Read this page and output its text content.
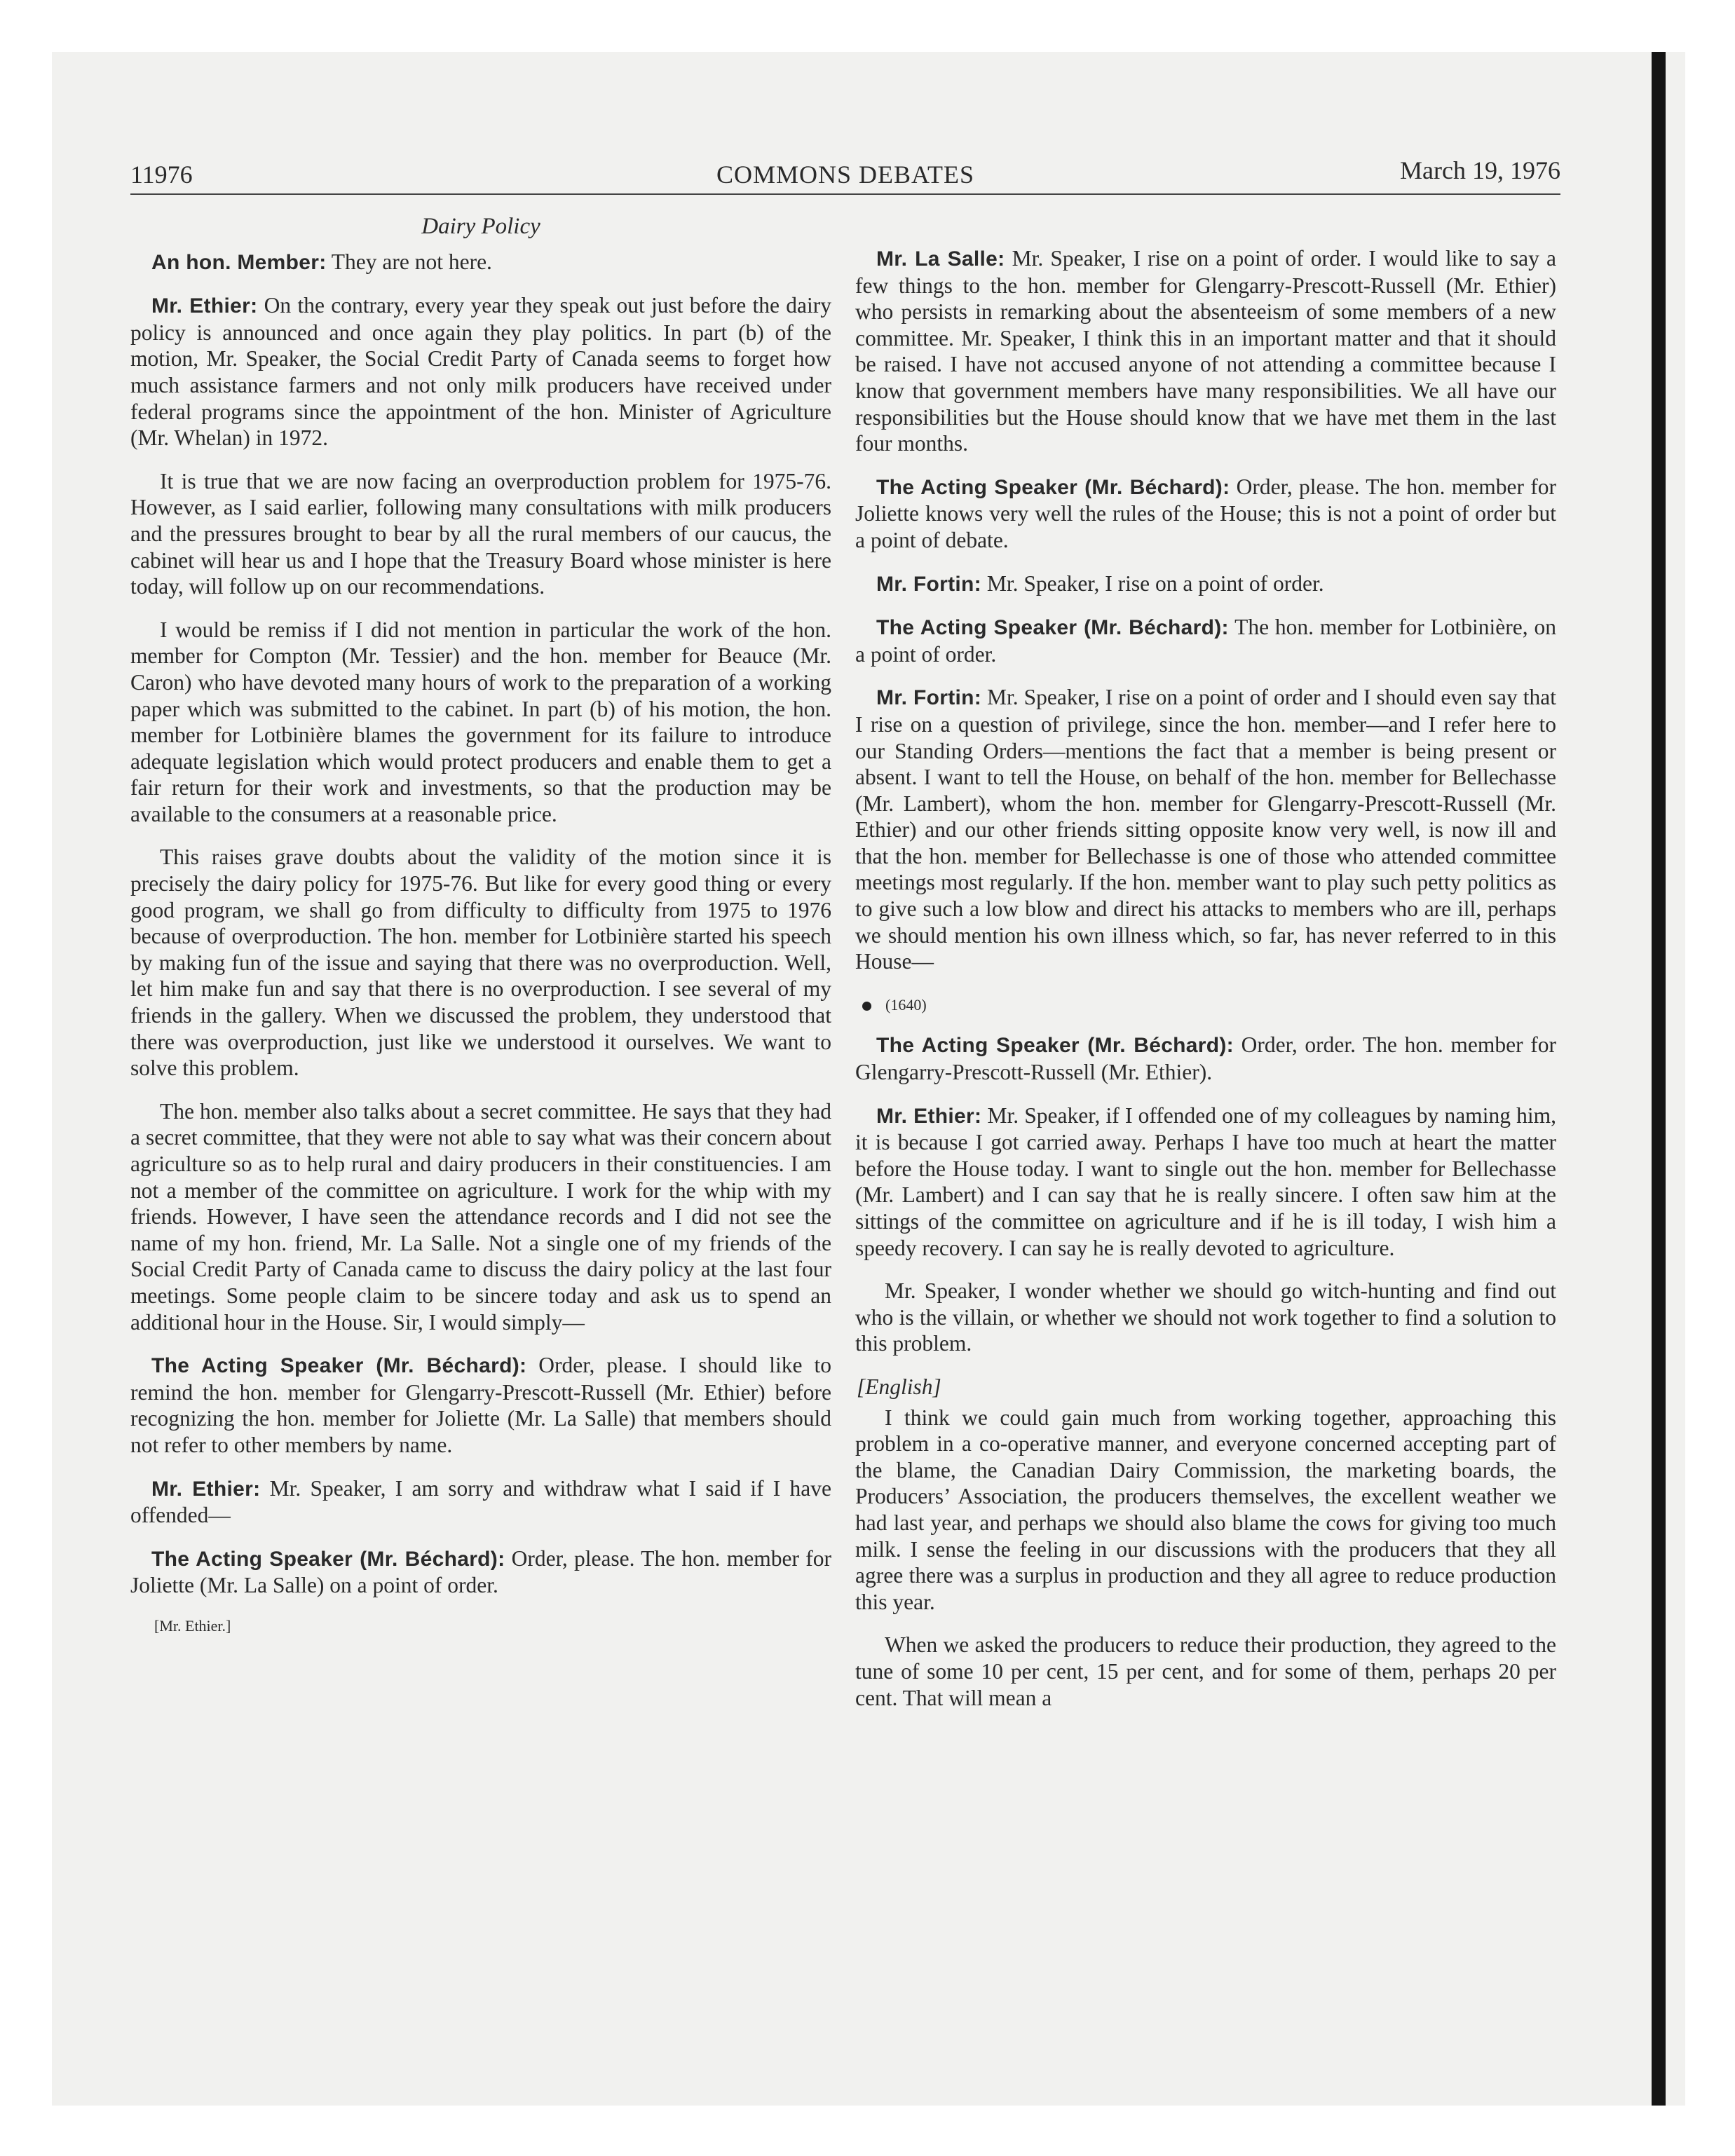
11976	COMMONS DEBATES	March 19, 1976
Dairy Policy

An hon. Member: They are not here.

Mr. Ethier: On the contrary, every year they speak out just before the dairy policy is announced and once again they play politics. In part (b) of the motion, Mr. Speaker, the Social Credit Party of Canada seems to forget how much assistance farmers and not only milk producers have received under federal programs since the appointment of the hon. Minister of Agriculture (Mr. Whelan) in 1972.

It is true that we are now facing an overproduction problem for 1975-76. However, as I said earlier, following many consultations with milk producers and the pressures brought to bear by all the rural members of our caucus, the cabinet will hear us and I hope that the Treasury Board whose minister is here today, will follow up on our recommendations.

I would be remiss if I did not mention in particular the work of the hon. member for Compton (Mr. Tessier) and the hon. member for Beauce (Mr. Caron) who have devoted many hours of work to the preparation of a working paper which was submitted to the cabinet. In part (b) of his motion, the hon. member for Lotbinière blames the government for its failure to introduce adequate legislation which would protect producers and enable them to get a fair return for their work and investments, so that the production may be available to the consumers at a reasonable price.

This raises grave doubts about the validity of the motion since it is precisely the dairy policy for 1975-76. But like for every good thing or every good program, we shall go from difficulty to difficulty from 1975 to 1976 because of overproduction. The hon. member for Lotbinière started his speech by making fun of the issue and saying that there was no overproduction. Well, let him make fun and say that there is no overproduction. I see several of my friends in the gallery. When we discussed the problem, they understood that there was overproduction, just like we understood it ourselves. We want to solve this problem.

The hon. member also talks about a secret committee. He says that they had a secret committee, that they were not able to say what was their concern about agriculture so as to help rural and dairy producers in their constituencies. I am not a member of the committee on agriculture. I work for the whip with my friends. However, I have seen the attendance records and I did not see the name of my hon. friend, Mr. La Salle. Not a single one of my friends of the Social Credit Party of Canada came to discuss the dairy policy at the last four meetings. Some people claim to be sincere today and ask us to spend an additional hour in the House. Sir, I would simply—

The Acting Speaker (Mr. Béchard): Order, please. I should like to remind the hon. member for Glengarry-Prescott-Russell (Mr. Ethier) before recognizing the hon. member for Joliette (Mr. La Salle) that members should not refer to other members by name.

Mr. Ethier: Mr. Speaker, I am sorry and withdraw what I said if I have offended—

The Acting Speaker (Mr. Béchard): Order, please. The hon. member for Joliette (Mr. La Salle) on a point of order.

[Mr. Ethier.]

Mr. La Salle: Mr. Speaker, I rise on a point of order. I would like to say a few things to the hon. member for Glengarry-Prescott-Russell (Mr. Ethier) who persists in remarking about the absenteeism of some members of a new committee. Mr. Speaker, I think this in an important matter and that it should be raised. I have not accused anyone of not attending a committee because I know that government members have many responsibilities. We all have our responsibilities but the House should know that we have met them in the last four months.

The Acting Speaker (Mr. Béchard): Order, please. The hon. member for Joliette knows very well the rules of the House; this is not a point of order but a point of debate.

Mr. Fortin: Mr. Speaker, I rise on a point of order.

The Acting Speaker (Mr. Béchard): The hon. member for Lotbinière, on a point of order.

Mr. Fortin: Mr. Speaker, I rise on a point of order and I should even say that I rise on a question of privilege, since the hon. member—and I refer here to our Standing Orders—mentions the fact that a member is being present or absent. I want to tell the House, on behalf of the hon. member for Bellechasse (Mr. Lambert), whom the hon. member for Glengarry-Prescott-Russell (Mr. Ethier) and our other friends sitting opposite know very well, is now ill and that the hon. member for Bellechasse is one of those who attended committee meetings most regularly. If the hon. member want to play such petty politics as to give such a low blow and direct his attacks to members who are ill, perhaps we should mention his own illness which, so far, has never referred to in this House—

(1640)

The Acting Speaker (Mr. Béchard): Order, order. The hon. member for Glengarry-Prescott-Russell (Mr. Ethier).

Mr. Ethier: Mr. Speaker, if I offended one of my colleagues by naming him, it is because I got carried away. Perhaps I have too much at heart the matter before the House today. I want to single out the hon. member for Bellechasse (Mr. Lambert) and I can say that he is really sincere. I often saw him at the sittings of the committee on agriculture and if he is ill today, I wish him a speedy recovery. I can say he is really devoted to agriculture.

Mr. Speaker, I wonder whether we should go witch-hunting and find out who is the villain, or whether we should not work together to find a solution to this problem.

[English]

I think we could gain much from working together, approaching this problem in a co-operative manner, and everyone concerned accepting part of the blame, the Canadian Dairy Commission, the marketing boards, the Producers’ Association, the producers themselves, the excellent weather we had last year, and perhaps we should also blame the cows for giving too much milk. I sense the feeling in our discussions with the producers that they all agree there was a surplus in production and they all agree to reduce production this year.

When we asked the producers to reduce their production, they agreed to the tune of some 10 per cent, 15 per cent, and for some of them, perhaps 20 per cent. That will mean a
